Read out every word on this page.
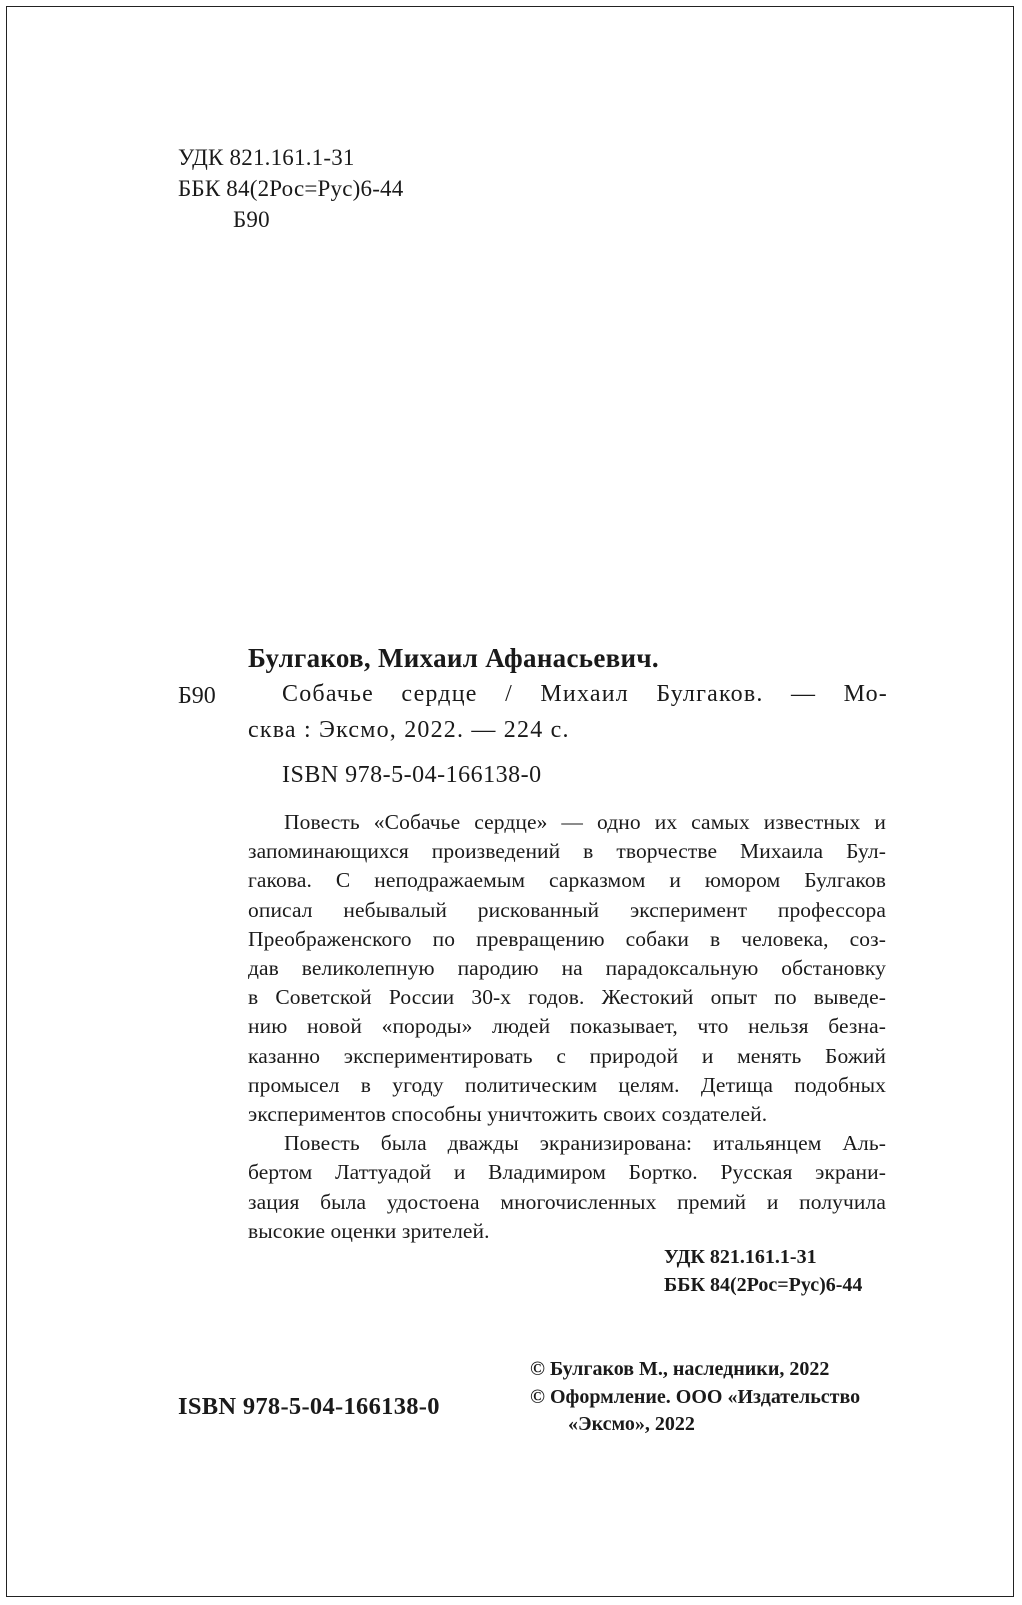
УДК 821.161.1-31
ББК 84(2Рос=Рус)6-44
Б90
Б90
Булгаков, Михаил Афанасьевич.
Собачье сердце / Михаил Булгаков. — Мо-
сква : Эксмо, 2022. — 224 с.
ISBN 978-5-04-166138-0
Повесть «Собачье сердце» — одно их самых известных и
запоминающихся произведений в творчестве Михаила Бул-
гакова. С неподражаемым сарказмом и юмором Булгаков
описал небывалый рискованный эксперимент профессора
Преображенского по превращению собаки в человека, соз-
дав великолепную пародию на парадоксальную обстановку
в Советской России 30-х годов. Жестокий опыт по выведе-
нию новой «породы» людей показывает, что нельзя безна-
казанно экспериментировать с природой и менять Божий
промысел в угоду политическим целям. Детища подобных
экспериментов способны уничтожить своих создателей.
Повесть была дважды экранизирована: итальянцем Аль-
бертом Латтуадой и Владимиром Бортко. Русская экрани-
зация была удостоена многочисленных премий и получила
высокие оценки зрителей.
УДК 821.161.1-31
ББК 84(2Рос=Рус)6-44
ISBN 978-5-04-166138-0
© Булгаков М., наследники, 2022
© Оформление. ООО «Издательство
«Эксмо», 2022
